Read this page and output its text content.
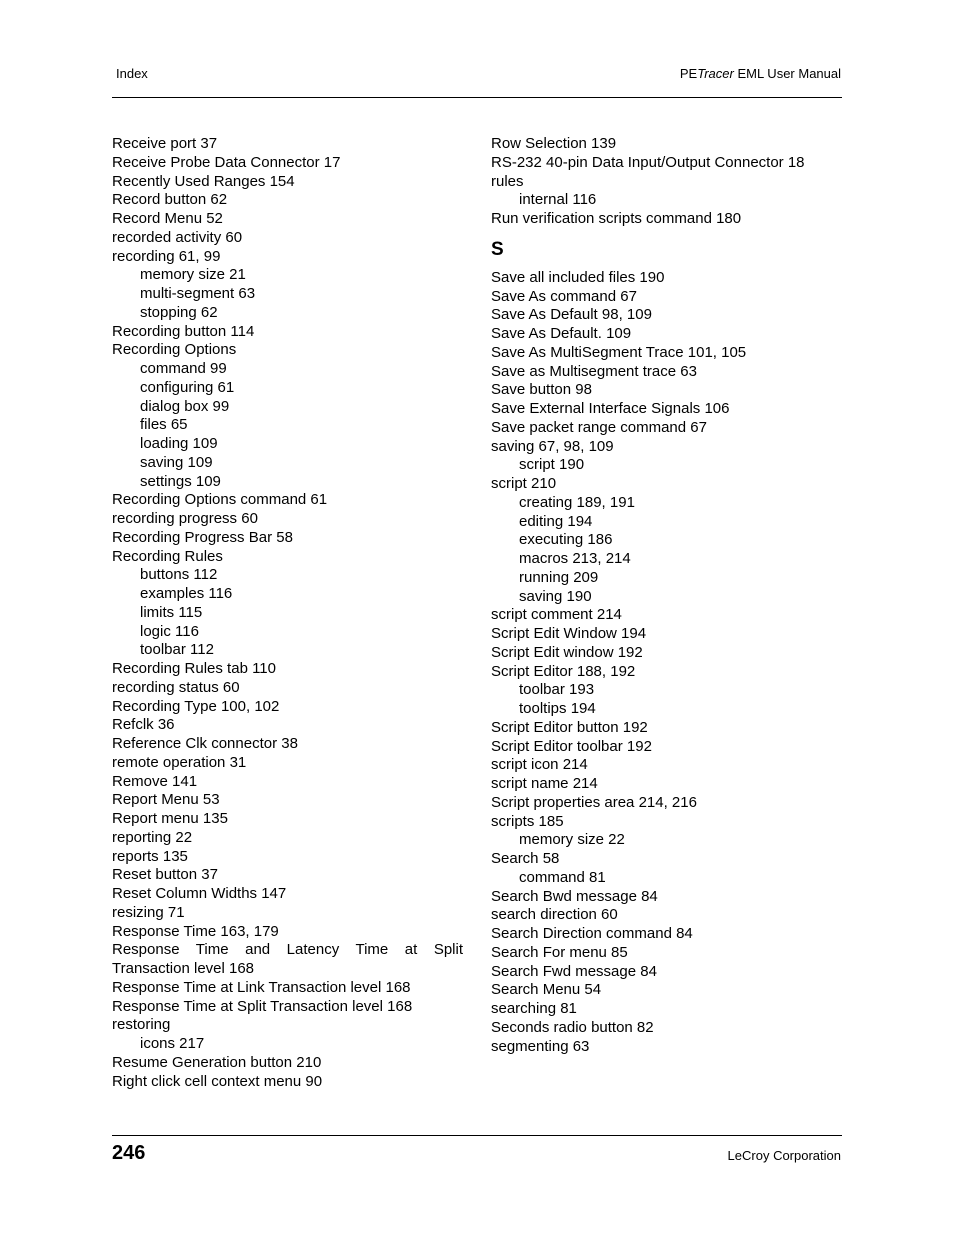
Index	PETracer EML User Manual
Receive port 37
Receive Probe Data Connector 17
Recently Used Ranges 154
Record button 62
Record Menu 52
recorded activity 60
recording 61, 99
memory size 21
multi-segment 63
stopping 62
Recording button 114
Recording Options
command 99
configuring 61
dialog box 99
files 65
loading 109
saving 109
settings 109
Recording Options command 61
recording progress 60
Recording Progress Bar 58
Recording Rules
buttons 112
examples 116
limits 115
logic 116
toolbar 112
Recording Rules tab 110
recording status 60
Recording Type 100, 102
Refclk 36
Reference Clk connector 38
remote operation 31
Remove 141
Report Menu 53
Report menu 135
reporting 22
reports 135
Reset button 37
Reset Column Widths 147
resizing 71
Response Time 163, 179
Response Time and Latency Time at Split
Transaction level 168
Response Time at Link Transaction level 168
Response Time at Split Transaction level 168
restoring
icons 217
Resume Generation button 210
Right click cell context menu 90
Row Selection 139
RS-232 40-pin Data Input/Output Connector 18
rules
internal 116
Run verification scripts command 180
S
Save all included files 190
Save As command 67
Save As Default 98, 109
Save As Default. 109
Save As MultiSegment Trace 101, 105
Save as Multisegment trace 63
Save button 98
Save External Interface Signals 106
Save packet range command 67
saving 67, 98, 109
script 190
script 210
creating 189, 191
editing 194
executing 186
macros 213, 214
running 209
saving 190
script comment 214
Script Edit Window 194
Script Edit window 192
Script Editor 188, 192
toolbar 193
tooltips 194
Script Editor button 192
Script Editor toolbar 192
script icon 214
script name 214
Script properties area 214, 216
scripts 185
memory size 22
Search 58
command 81
Search Bwd message 84
search direction 60
Search Direction command 84
Search For menu 85
Search Fwd message 84
Search Menu 54
searching 81
Seconds radio button 82
segmenting 63
246	LeCroy Corporation
